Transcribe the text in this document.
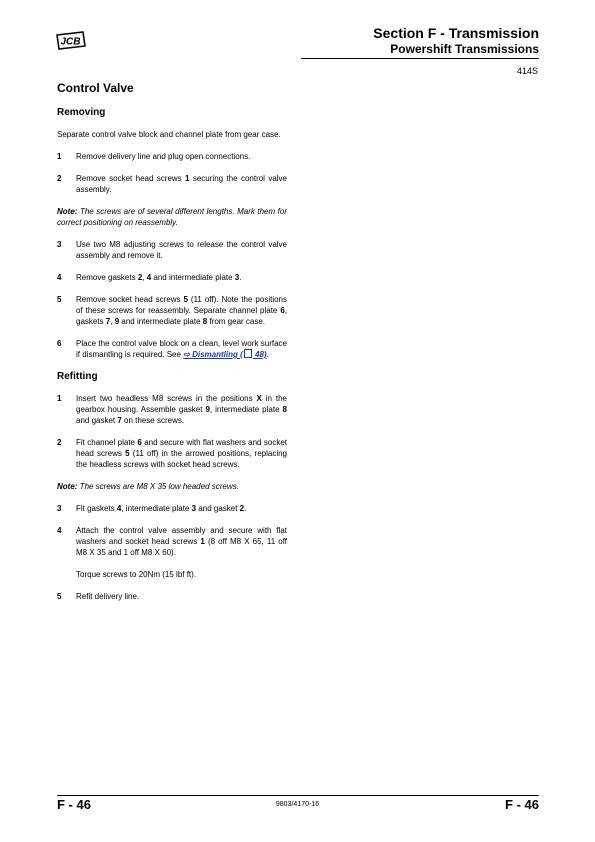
JCB
Section F - Transmission
Powershift Transmissions
414S
Control Valve
Removing

Separate control valve block and channel plate from gear case.

1	Remove delivery line and plug open connections.
2	Remove socket head screws 1 securing the control valve assembly.

Note: The screws are of several different lengths. Mark them for correct positioning on reassembly.

3	Use two M8 adjusting screws to release the control valve assembly and remove it.
4	Remove gaskets 2, 4 and intermediate plate 3.
5	Remove socket head screws 5 (11 off). Note the positions of these screws for reassembly. Separate channel plate 6, gaskets 7, 9 and intermediate plate 8 from gear case.
6	Place the control valve block on a clean, level work surface if dismantling is required. See ⇨ Dismantling ( 48).
Refitting
1	Insert two headless M8 screws in the positions X in the gearbox housing. Assemble gasket 9, intermediate plate 8 and gasket 7 on these screws.
2	Fit channel plate 6 and secure with flat washers and socket head screws 5 (11 off) in the arrowed positions, replacing the headless screws with socket head screws.

Note: The screws are M8 X 35 low headed screws.

3	Fit gaskets 4, intermediate plate 3 and gasket 2.
4	Attach the control valve assembly and secure with flat washers and socket head screws 1 (8 off M8 X 65, 11 off M8 X 35 and 1 off M8 X 60).

Torque screws to 20Nm (15 lbf ft).

5	Refit delivery line.
F - 46	9803/4170-16	F - 46
